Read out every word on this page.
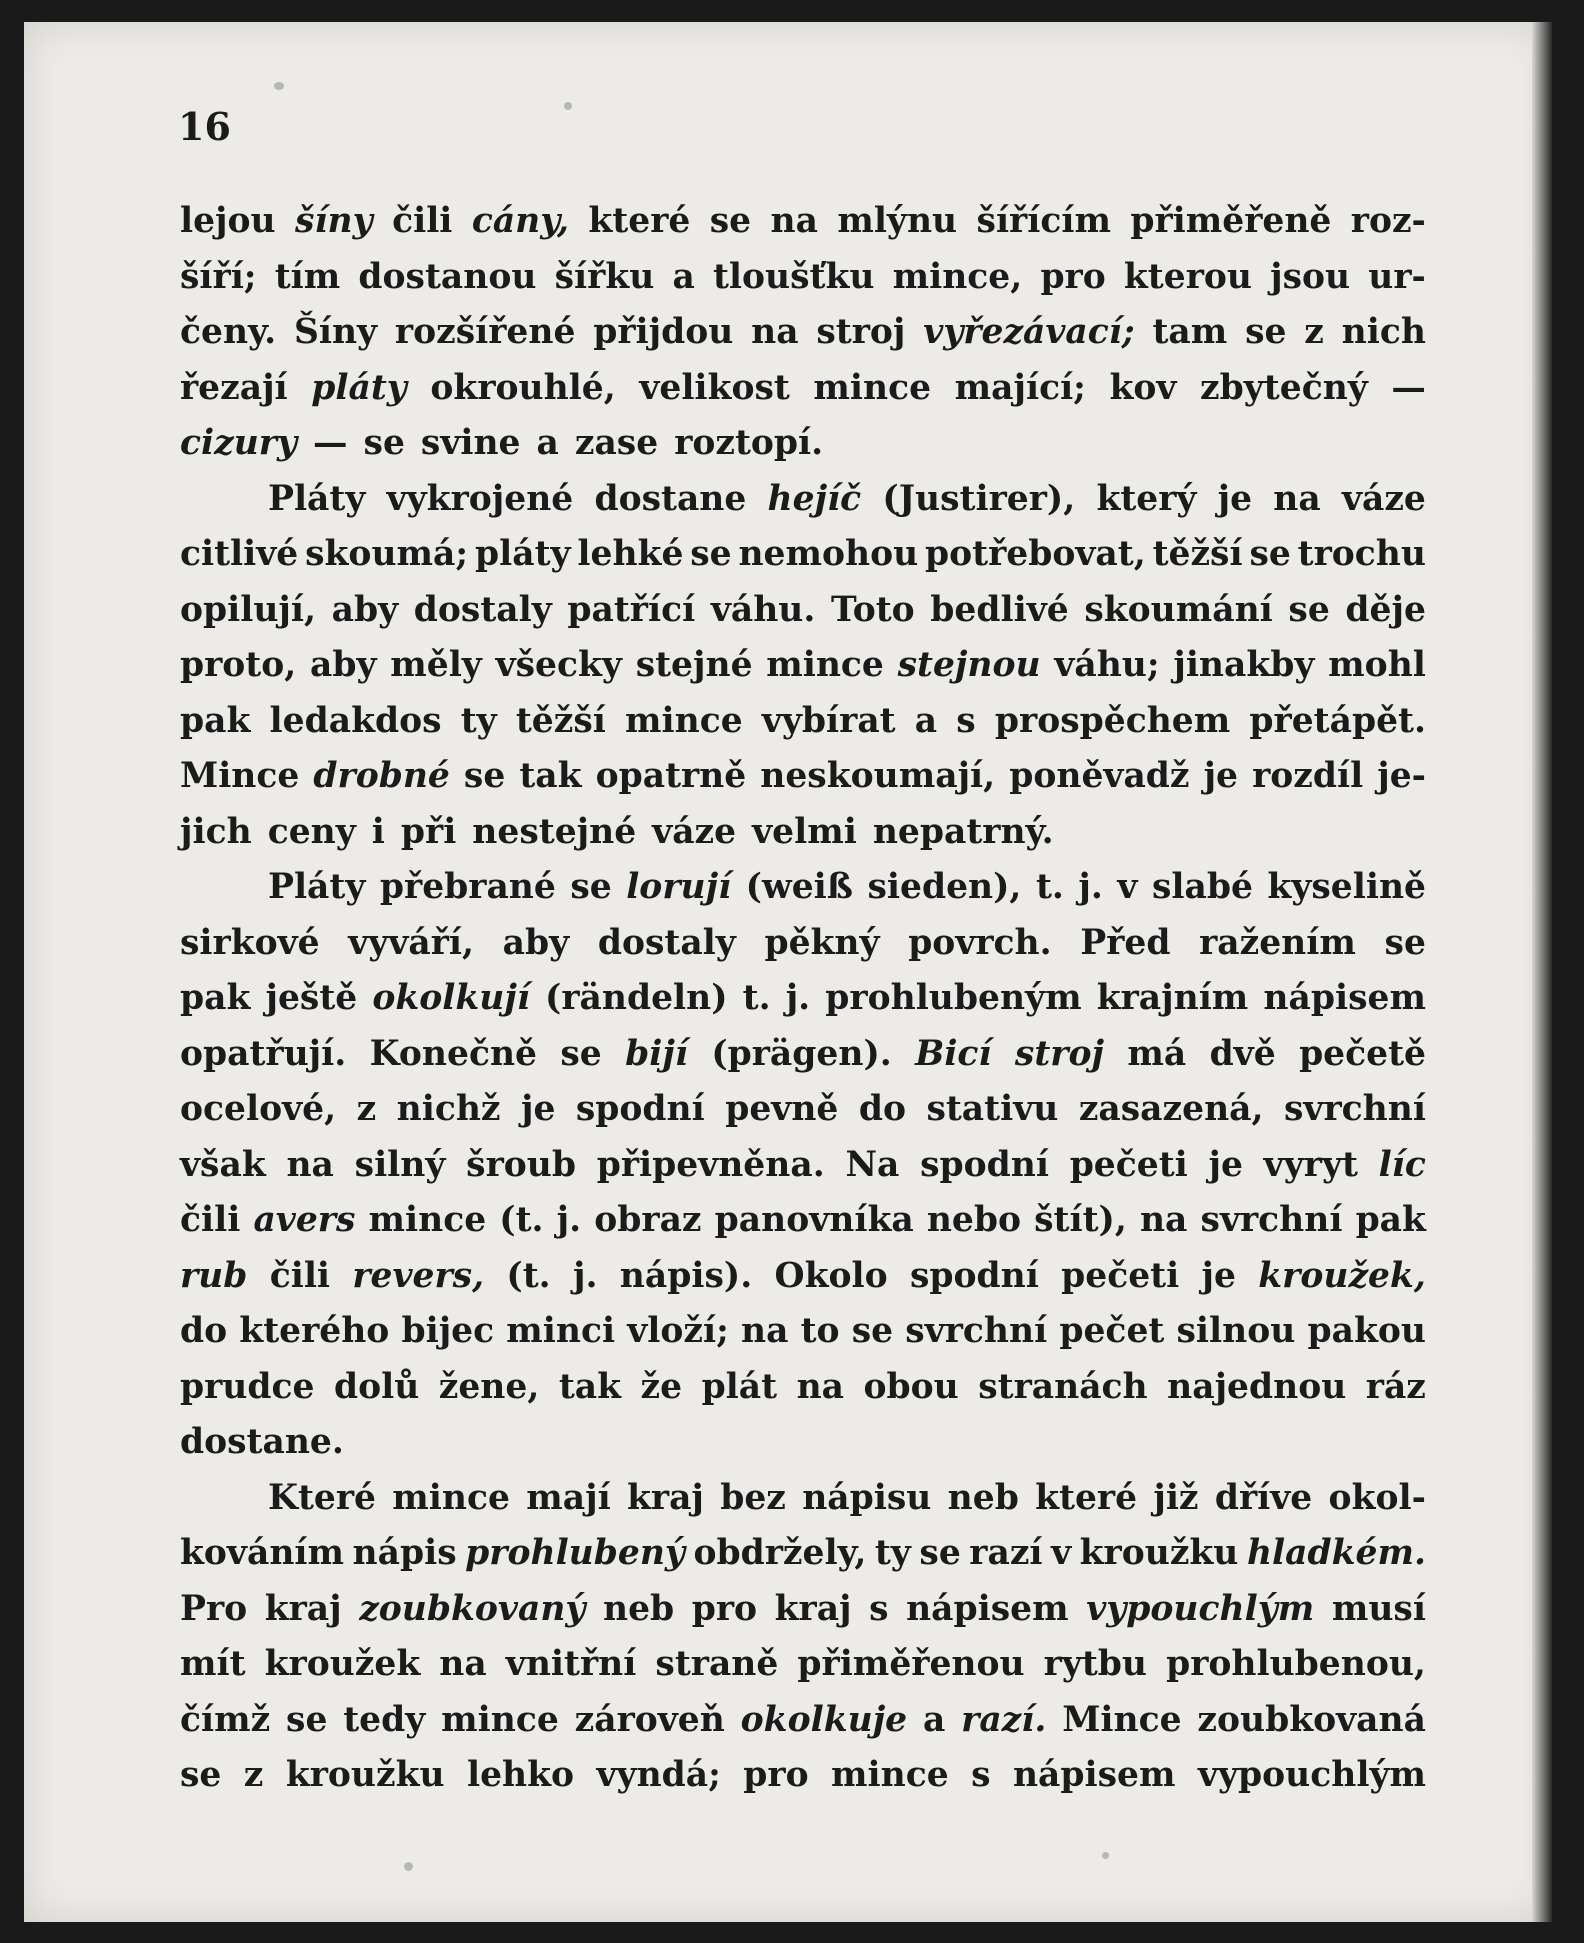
16
lejou šíny čili cány, které se na mlýnu šířícím přiměřeně roz-
šíří; tím dostanou šířku a tloušťku mince, pro kterou jsou ur-
čeny. Šíny rozšířené přijdou na stroj vyřezávací; tam se z nich
řezají pláty okrouhlé, velikost mince mající; kov zbytečný —
cizury — se svine a zase roztopí.
Pláty vykrojené dostane hejíč (Justirer), který je na váze
citlivé skoumá; pláty lehké se nemohou potřebovat, těžší se trochu
opilují, aby dostaly patřící váhu. Toto bedlivé skoumání se děje
proto, aby měly všecky stejné mince stejnou váhu; jinakby mohl
pak ledakdos ty těžší mince vybírat a s prospěchem přetápět.
Mince drobné se tak opatrně neskoumají, poněvadž je rozdíl je-
jich ceny i při nestejné váze velmi nepatrný.
Pláty přebrané se lorují (weiß sieden), t. j. v slabé kyselině
sirkové vyváří, aby dostaly pěkný povrch. Před ražením se
pak ještě okolkují (rändeln) t. j. prohlubeným krajním nápisem
opatřují. Konečně se bijí (prägen). Bicí stroj má dvě pečetě
ocelové, z nichž je spodní pevně do stativu zasazená, svrchní
však na silný šroub připevněna. Na spodní pečeti je vyryt líc
čili avers mince (t. j. obraz panovníka nebo štít), na svrchní pak
rub čili revers, (t. j. nápis). Okolo spodní pečeti je kroužek,
do kterého bijec minci vloží; na to se svrchní pečet silnou pakou
prudce dolů žene, tak že plát na obou stranách najednou ráz
dostane.
Které mince mají kraj bez nápisu neb které již dříve okol-
kováním nápis prohlubený obdržely, ty se razí v kroužku hladkém.
Pro kraj zoubkovaný neb pro kraj s nápisem vypouchlým musí
mít kroužek na vnitřní straně přiměřenou rytbu prohlubenou,
čímž se tedy mince zároveň okolkuje a razí. Mince zoubkovaná
se z kroužku lehko vyndá; pro mince s nápisem vypouchlým
